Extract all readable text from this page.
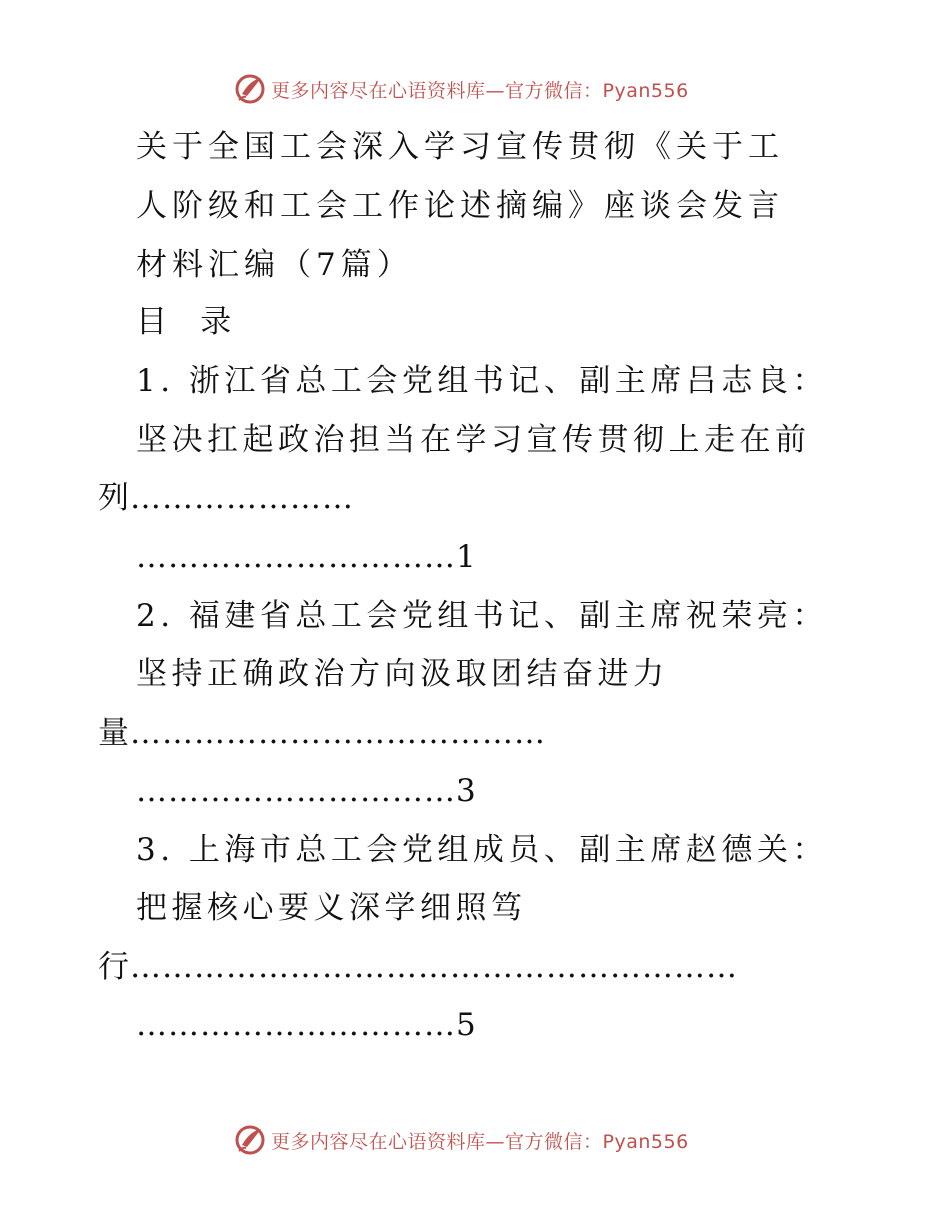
更多内容尽在心语资料库—官方微信：Pyan556
关于全国工会深入学习宣传贯彻《关于工
人阶级和工会工作论述摘编》座谈会发言
材料汇编（7篇）
目  录
1. 浙江省总工会党组书记、副主席吕志良：
坚决扛起政治担当在学习宣传贯彻上走在前
列…………………
…………………………1
2. 福建省总工会党组书记、副主席祝荣亮：
坚持正确政治方向汲取团结奋进力
量…………………………………
…………………………3
3. 上海市总工会党组成员、副主席赵德关：
把握核心要义深学细照笃
行…………………………………………………
…………………………5
更多内容尽在心语资料库—官方微信：Pyan556
